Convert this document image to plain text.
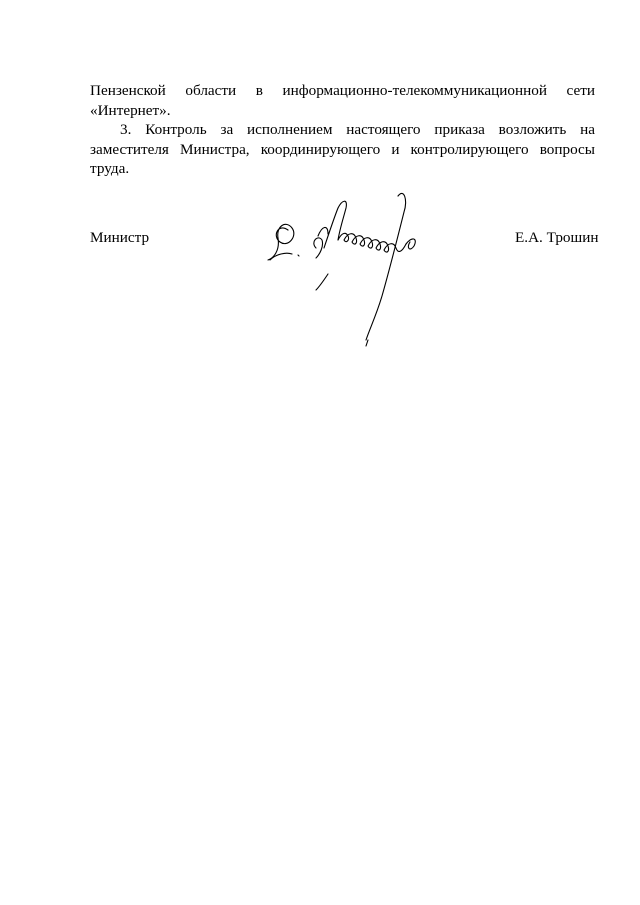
Пензенской области в информационно-телекоммуникационной сети
«Интернет».

3. Контроль за исполнением настоящего приказа возложить на
заместителя Министра, координирующего и контролирующего вопросы
труда.

Министр	Е.А. Трошин
